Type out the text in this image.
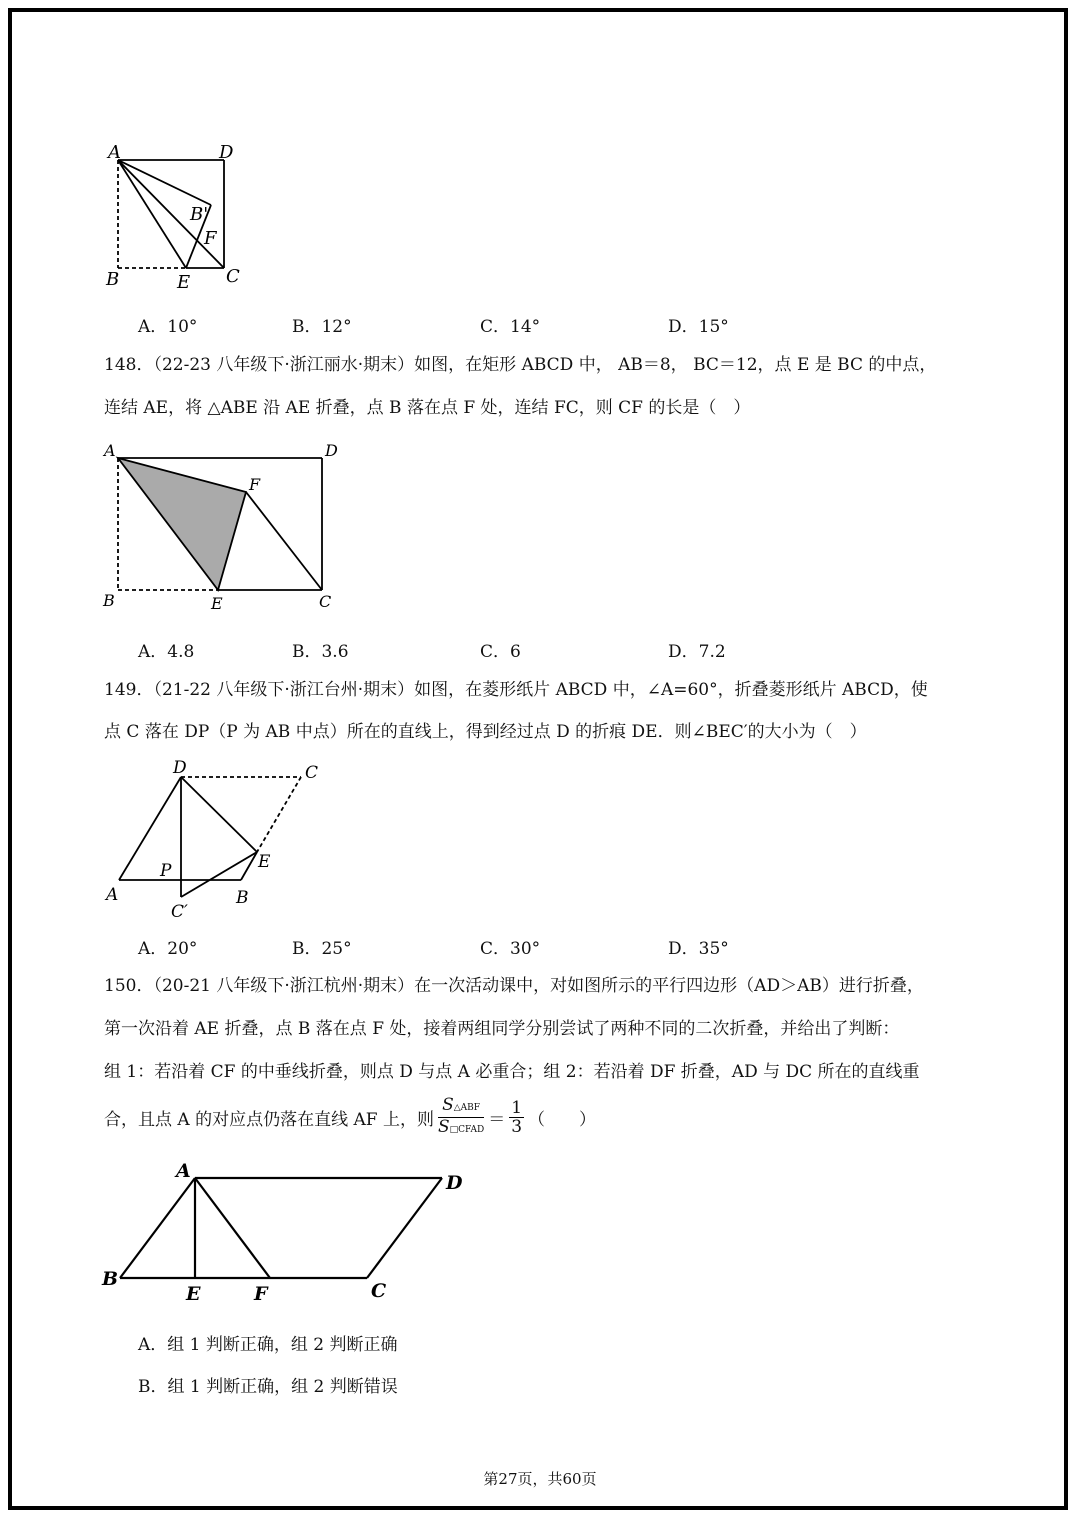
A	D
B'
F
B	E C
A．10°	B．12°	C．14°	D．15°
148．（22-23 八年级下·浙江丽水·期末）如图，在矩形 ABCD 中， AB＝8， BC＝12，点 E 是 BC 的中点，
连结 AE，将 △ABE 沿 AE 折叠，点 B 落在点 F 处，连结 FC，则 CF 的长是（　）
A	D
F
B	E	C
A．4.8	B．3.6	C．6	D．7.2
149．（21-22 八年级下·浙江台州·期末）如图，在菱形纸片 ABCD 中，∠A=60°，折叠菱形纸片 ABCD，使
点 C 落在 DP（P 为 AB 中点）所在的直线上，得到经过点 D 的折痕 DE．则∠BEC′的大小为（　）
D	C
E
P
A	B
C′
A．20°	B．25°	C．30°	D．35°
150．（20-21 八年级下·浙江杭州·期末）在一次活动课中，对如图所示的平行四边形（AD＞AB）进行折叠，
第一次沿着 AE 折叠，点 B 落在点 F 处，接着两组同学分别尝试了两种不同的二次折叠，并给出了判断：
组 1：若沿着 CF 的中垂线折叠，则点 D 与点 A 必重合；组 2：若沿着 DF 折叠，AD 与 DC 所在的直线重
合，且点 A 的对应点仍落在直线 AF 上，则 $\frac{\text{S△ABF}}{\text{S□CFAD}} = \frac{1}{3}$ （　　）
A
D
B
E	F	C
A．组 1 判断正确，组 2 判断正确
B．组 1 判断正确，组 2 判断错误
第27页，共60页
